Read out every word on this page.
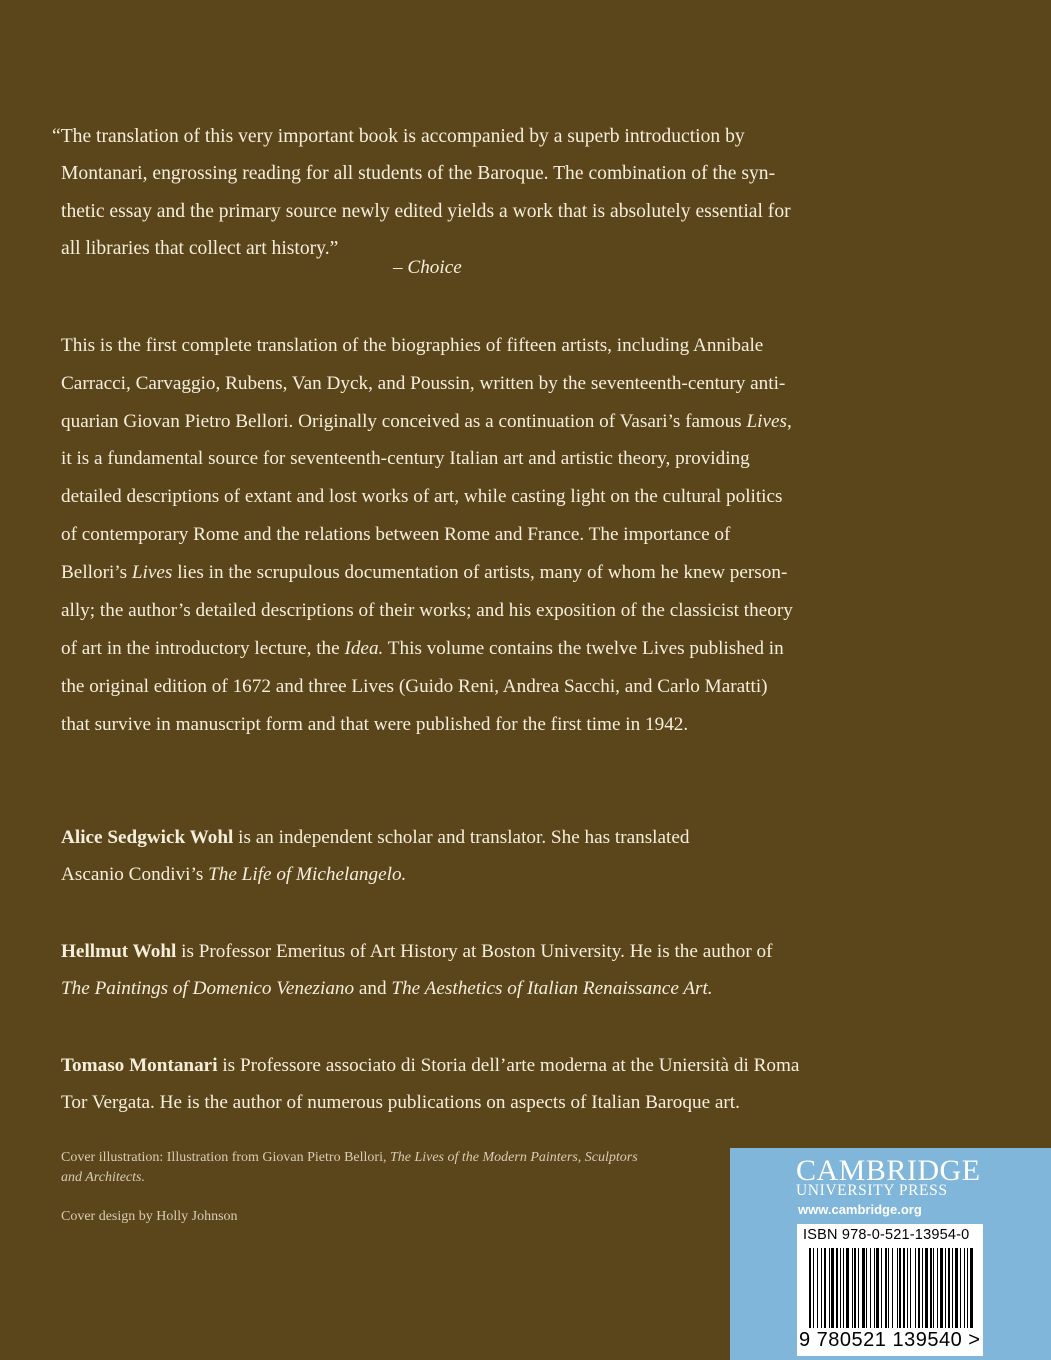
“The translation of this very important book is accompanied by a superb introduction by
Montanari, engrossing reading for all students of the Baroque. The combination of the syn-
thetic essay and the primary source newly edited yields a work that is absolutely essential for
all libraries that collect art history.”
– Choice
This is the first complete translation of the biographies of fifteen artists, including Annibale
Carracci, Carvaggio, Rubens, Van Dyck, and Poussin, written by the seventeenth-century anti-
quarian Giovan Pietro Bellori. Originally conceived as a continuation of Vasari’s famous Lives,
it is a fundamental source for seventeenth-century Italian art and artistic theory, providing
detailed descriptions of extant and lost works of art, while casting light on the cultural politics
of contemporary Rome and the relations between Rome and France. The importance of
Bellori’s Lives lies in the scrupulous documentation of artists, many of whom he knew person-
ally; the author’s detailed descriptions of their works; and his exposition of the classicist theory
of art in the introductory lecture, the Idea. This volume contains the twelve Lives published in
the original edition of 1672 and three Lives (Guido Reni, Andrea Sacchi, and Carlo Maratti)
that survive in manuscript form and that were published for the first time in 1942.
Alice Sedgwick Wohl is an independent scholar and translator. She has translated
Ascanio Condivi’s The Life of Michelangelo.
Hellmut Wohl is Professor Emeritus of Art History at Boston University. He is the author of
The Paintings of Domenico Veneziano and The Aesthetics of Italian Renaissance Art.
Tomaso Montanari is Professore associato di Storia dell’arte moderna at the Uniersità di Roma
Tor Vergata. He is the author of numerous publications on aspects of Italian Baroque art.
Cover illustration: Illustration from Giovan Pietro Bellori, The Lives of the Modern Painters, Sculptors
and Architects.
Cover design by Holly Johnson
CAMBRIDGE
UNIVERSITY PRESS
www.cambridge.org
ISBN 978-0-521-13954-0
9 780521 139540 >
